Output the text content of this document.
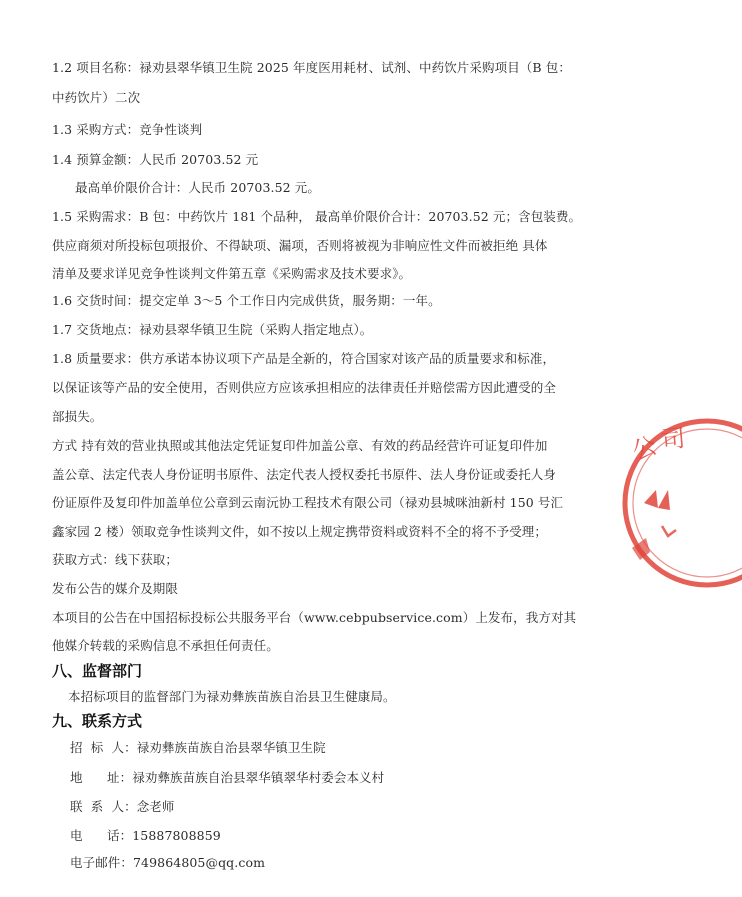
1.2 项目名称：禄劝县翠华镇卫生院 2025 年度医用耗材、试剂、中药饮片采购项目（B 包：
中药饮片）二次
1.3 采购方式：竞争性谈判
1.4 预算金额：人民币 20703.52 元
最高单价限价合计：人民币 20703.52 元。
1.5 采购需求：B 包：中药饮片 181 个品种， 最高单价限价合计：20703.52 元；含包装费。
供应商须对所投标包项报价、不得缺项、漏项，否则将被视为非响应性文件而被拒绝 具体
清单及要求详见竞争性谈判文件第五章《采购需求及技术要求》。
1.6 交货时间：提交定单 3～5 个工作日内完成供货，服务期：一年。
1.7 交货地点：禄劝县翠华镇卫生院（采购人指定地点）。
1.8 质量要求：供方承诺本协议项下产品是全新的，符合国家对该产品的质量要求和标准，
以保证该等产品的安全使用，否则供应方应该承担相应的法律责任并赔偿需方因此遭受的全
部损失。
方式 持有效的营业执照或其他法定凭证复印件加盖公章、有效的药品经营许可证复印件加
盖公章、法定代表人身份证明书原件、法定代表人授权委托书原件、法人身份证或委托人身
份证原件及复印件加盖单位公章到云南沅协工程技术有限公司（禄劝县城咪油新村 150 号汇
鑫家园 2 楼）领取竞争性谈判文件，如不按以上规定携带资料或资料不全的将不予受理；
获取方式：线下获取；
发布公告的媒介及期限
本项目的公告在中国招标投标公共服务平台（www.cebpubservice.com）上发布，我方对其
他媒介转载的采购信息不承担任何责任。
八、监督部门
本招标项目的监督部门为禄劝彝族苗族自治县卫生健康局。
九、联系方式
招  标  人：禄劝彝族苗族自治县翠华镇卫生院
地      址：禄劝彝族苗族自治县翠华镇翠华村委会本义村
联  系  人：念老师
电      话：15887808859
电子邮件：749864805@qq.com
公 司
